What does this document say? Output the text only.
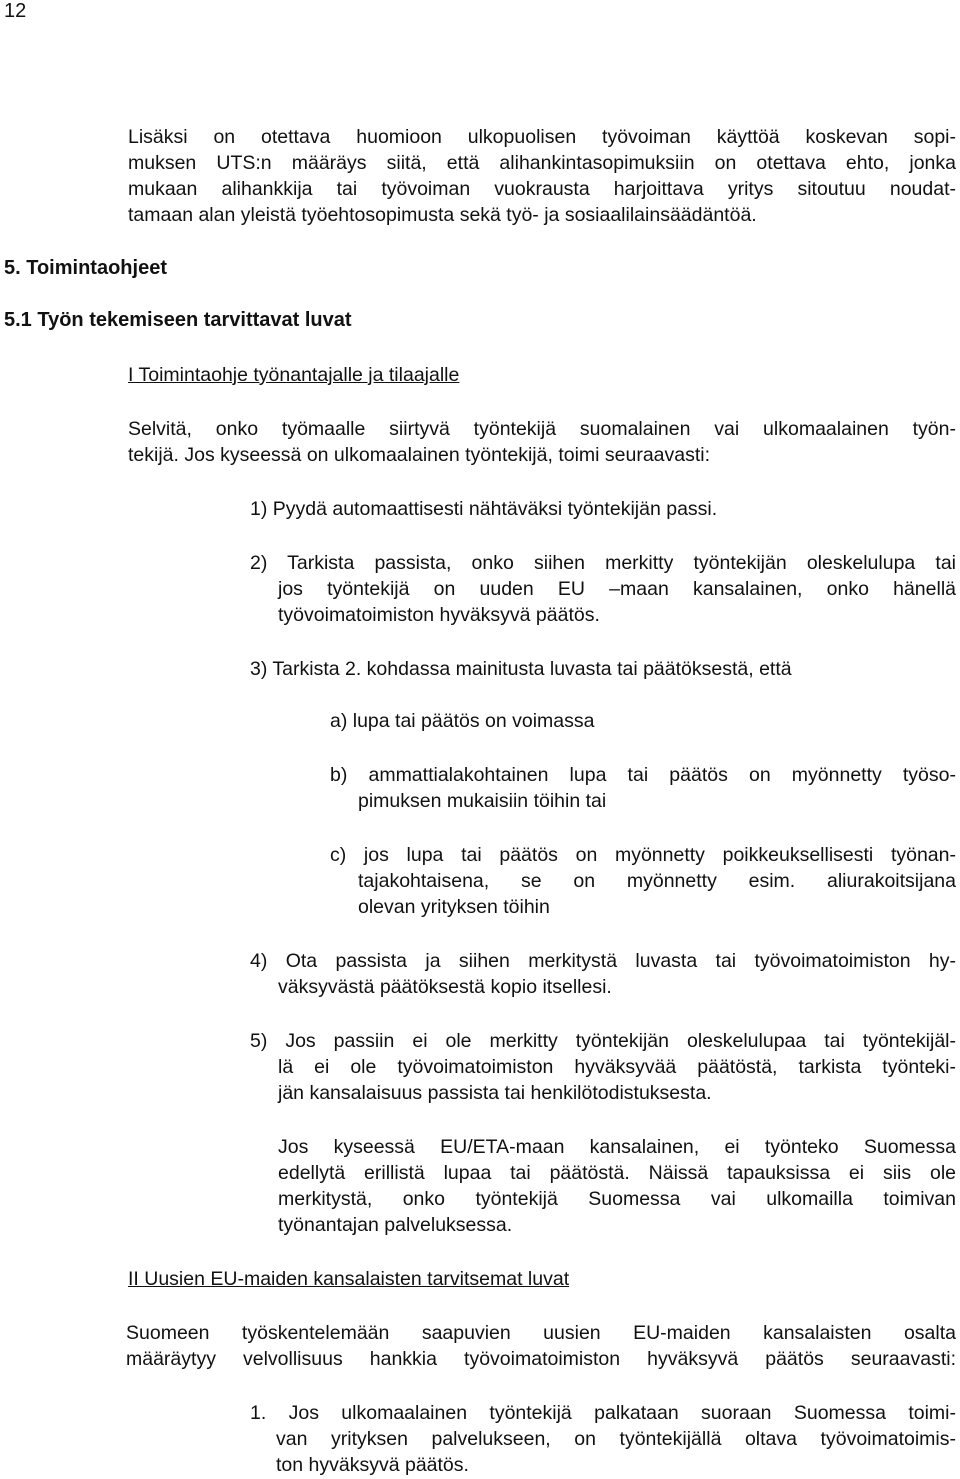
12
Lisäksi on otettava huomioon ulkopuolisen työvoiman käyttöä koskevan sopi-
muksen UTS:n määräys siitä, että alihankintasopimuksiin on otettava ehto, jonka
mukaan alihankkija tai työvoiman vuokrausta harjoittava yritys sitoutuu noudat-
tamaan alan yleistä työehtosopimusta sekä työ- ja sosiaalilainsäädäntöä.
5. Toimintaohjeet
5.1 Työn tekemiseen tarvittavat luvat
I Toimintaohje työnantajalle ja tilaajalle
Selvitä, onko työmaalle siirtyvä työntekijä suomalainen vai ulkomaalainen työn-
tekijä. Jos kyseessä on ulkomaalainen työntekijä, toimi seuraavasti:
1) Pyydä automaattisesti nähtäväksi työntekijän passi.
2) Tarkista passista, onko siihen merkitty työntekijän oleskelulupa tai
jos työntekijä on uuden EU –maan kansalainen, onko hänellä
työvoimatoimiston hyväksyvä päätös.
3) Tarkista 2. kohdassa mainitusta luvasta tai päätöksestä, että
a) lupa tai päätös on voimassa
b) ammattialakohtainen lupa tai päätös on myönnetty työso-
pimuksen mukaisiin töihin tai
c) jos lupa tai päätös on myönnetty poikkeuksellisesti työnan-
tajakohtaisena, se on myönnetty esim. aliurakoitsijana
olevan yrityksen töihin
4) Ota passista ja siihen merkitystä luvasta tai työvoimatoimiston hy-
väksyvästä päätöksestä kopio itsellesi.
5) Jos passiin ei ole merkitty työntekijän oleskelulupaa tai työntekijäl-
lä ei ole työvoimatoimiston hyväksyvää päätöstä, tarkista työnteki-
jän kansalaisuus passista tai henkilötodistuksesta.
Jos kyseessä EU/ETA-maan kansalainen, ei työnteko Suomessa
edellytä erillistä lupaa tai päätöstä. Näissä tapauksissa ei siis ole
merkitystä, onko työntekijä Suomessa vai ulkomailla toimivan
työnantajan palveluksessa.
II Uusien EU-maiden kansalaisten tarvitsemat luvat
Suomeen työskentelemään saapuvien uusien EU-maiden kansalaisten osalta
määräytyy velvollisuus hankkia työvoimatoimiston hyväksyvä päätös seuraavasti:
1. Jos ulkomaalainen työntekijä palkataan suoraan Suomessa toimi-
van yrityksen palvelukseen, on työntekijällä oltava työvoimatoimis-
ton hyväksyvä päätös.
